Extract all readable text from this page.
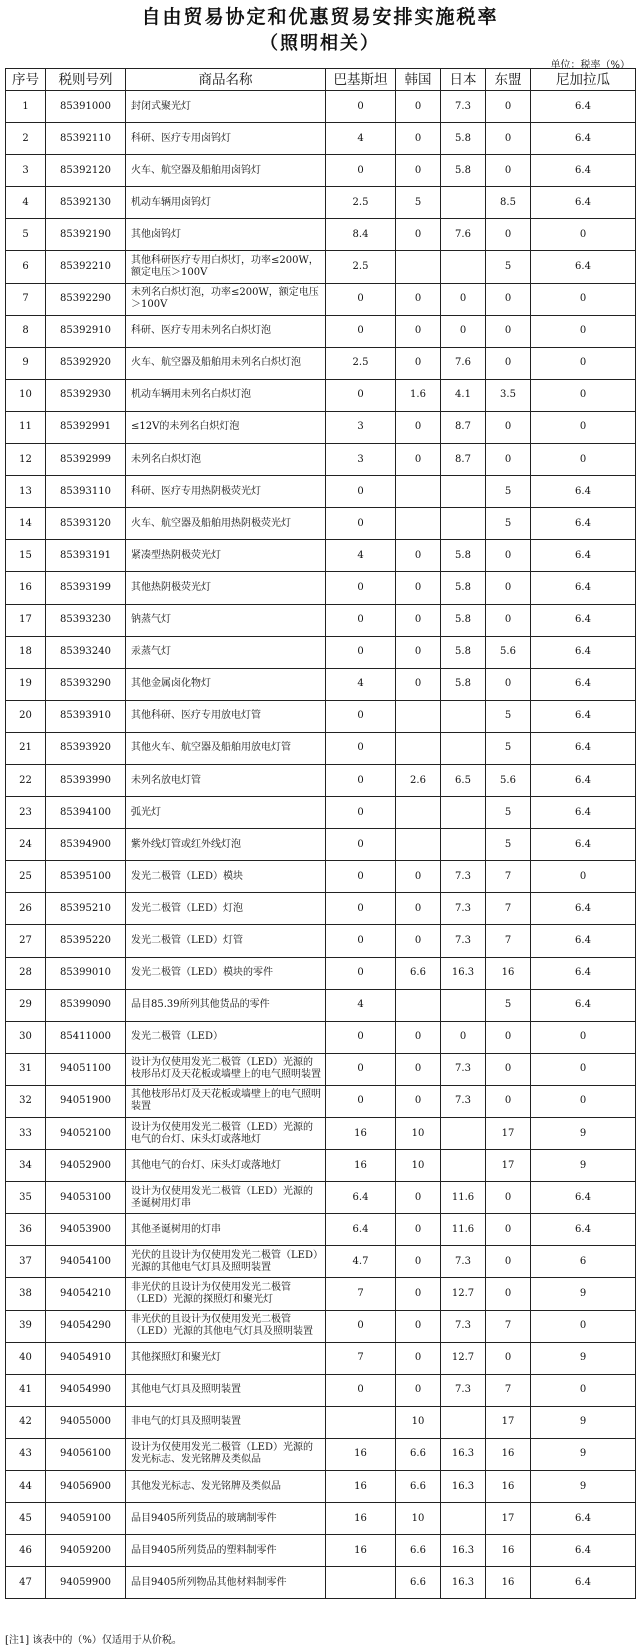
自由贸易协定和优惠贸易安排实施税率
（照明相关）
单位：税率（%）
序号	税则号列	商品名称	巴基斯坦	韩国	日本	东盟	尼加拉瓜
1	85391000	封闭式聚光灯	0	0	7.3	0	6.4
2	85392110	科研、医疗专用卤钨灯	4	0	5.8	0	6.4
3	85392120	火车、航空器及船舶用卤钨灯	0	0	5.8	0	6.4
4	85392130	机动车辆用卤钨灯	2.5	5		8.5	6.4
5	85392190	其他卤钨灯	8.4	0	7.6	0	0
6	85392210	其他科研医疗专用白炽灯，功率≤200W，额定电压＞100V	2.5			5	6.4
7	85392290	未列名白炽灯泡，功率≤200W，额定电压＞100V	0	0	0	0	0
8	85392910	科研、医疗专用未列名白炽灯泡	0	0	0	0	0
9	85392920	火车、航空器及船舶用未列名白炽灯泡	2.5	0	7.6	0	0
10	85392930	机动车辆用未列名白炽灯泡	0	1.6	4.1	3.5	0
11	85392991	≤12V的未列名白炽灯泡	3	0	8.7	0	0
12	85392999	未列名白炽灯泡	3	0	8.7	0	0
13	85393110	科研、医疗专用热阴极荧光灯	0			5	6.4
14	85393120	火车、航空器及船舶用热阴极荧光灯	0			5	6.4
15	85393191	紧凑型热阴极荧光灯	4	0	5.8	0	6.4
16	85393199	其他热阴极荧光灯	0	0	5.8	0	6.4
17	85393230	钠蒸气灯	0	0	5.8	0	6.4
18	85393240	汞蒸气灯	0	0	5.8	5.6	6.4
19	85393290	其他金属卤化物灯	4	0	5.8	0	6.4
20	85393910	其他科研、医疗专用放电灯管	0			5	6.4
21	85393920	其他火车、航空器及船舶用放电灯管	0			5	6.4
22	85393990	未列名放电灯管	0	2.6	6.5	5.6	6.4
23	85394100	弧光灯	0			5	6.4
24	85394900	紫外线灯管或红外线灯泡	0			5	6.4
25	85395100	发光二极管（LED）模块	0	0	7.3	7	0
26	85395210	发光二极管（LED）灯泡	0	0	7.3	7	6.4
27	85395220	发光二极管（LED）灯管	0	0	7.3	7	6.4
28	85399010	发光二极管（LED）模块的零件	0	6.6	16.3	16	6.4
29	85399090	品目85.39所列其他货品的零件	4			5	6.4
30	85411000	发光二极管（LED）	0	0	0	0	0
31	94051100	设计为仅使用发光二极管（LED）光源的枝形吊灯及天花板或墙壁上的电气照明装置	0	0	7.3	0	0
32	94051900	其他枝形吊灯及天花板或墙壁上的电气照明装置	0	0	7.3	0	0
33	94052100	设计为仅使用发光二极管（LED）光源的电气的台灯、床头灯或落地灯	16	10		17	9
34	94052900	其他电气的台灯、床头灯或落地灯	16	10		17	9
35	94053100	设计为仅使用发光二极管（LED）光源的圣诞树用灯串	6.4	0	11.6	0	6.4
36	94053900	其他圣诞树用的灯串	6.4	0	11.6	0	6.4
37	94054100	光伏的且设计为仅使用发光二极管（LED）光源的其他电气灯具及照明装置	4.7	0	7.3	0	6
38	94054210	非光伏的且设计为仅使用发光二极管（LED）光源的探照灯和聚光灯	7	0	12.7	0	9
39	94054290	非光伏的且设计为仅使用发光二极管（LED）光源的其他电气灯具及照明装置	0	0	7.3	7	0
40	94054910	其他探照灯和聚光灯	7	0	12.7	0	9
41	94054990	其他电气灯具及照明装置	0	0	7.3	7	0
42	94055000	非电气的灯具及照明装置		10		17	9
43	94056100	设计为仅使用发光二极管（LED）光源的发光标志、发光铭牌及类似品	16	6.6	16.3	16	9
44	94056900	其他发光标志、发光铭牌及类似品	16	6.6	16.3	16	9
45	94059100	品目9405所列货品的玻璃制零件	16	10		17	6.4
46	94059200	品目9405所列货品的塑料制零件	16	6.6	16.3	16	6.4
47	94059900	品目9405所列物品其他材料制零件		6.6	16.3	16	6.4
[注1] 该表中的（%）仅适用于从价税。
